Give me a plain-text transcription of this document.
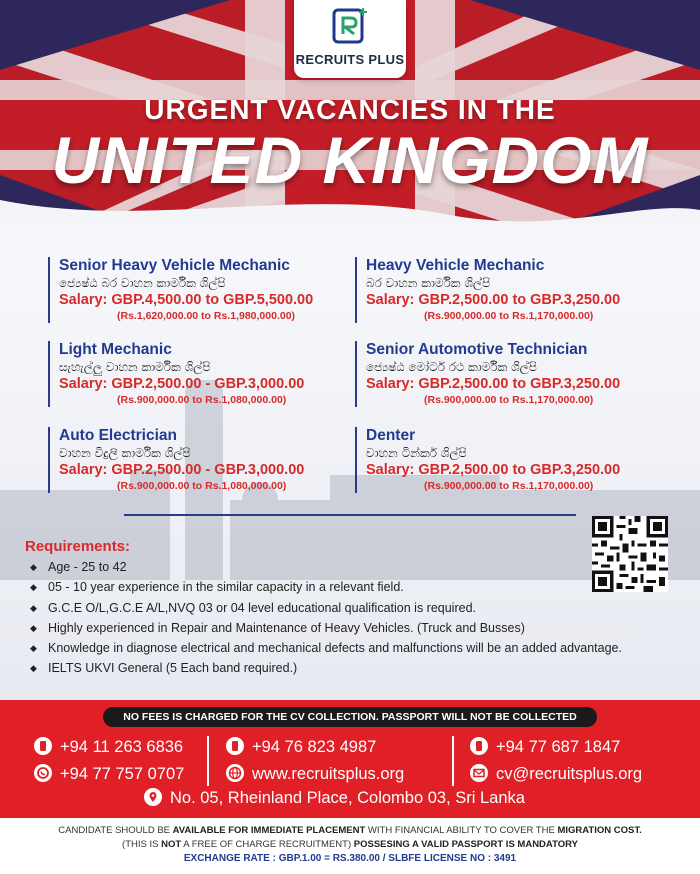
RECRUITS PLUS
URGENT VACANCIES IN THE
UNITED KINGDOM
Senior Heavy Vehicle Mechanic
ජ්‍යෙෂ්ඨ බර වාහන කාර්මික ශිල්පි
Salary: GBP.4,500.00 to GBP.5,500.00
(Rs.1,620,000.00 to Rs.1,980,000.00)
Heavy Vehicle Mechanic
බර වාහන කාර්මික ශිල්පි
Salary: GBP.2,500.00 to GBP.3,250.00
(Rs.900,000.00 to Rs.1,170,000.00)
Light Mechanic
සැහැල්ලු වාහන කාර්මික ශිල්පි
Salary: GBP.2,500.00 - GBP.3,000.00
(Rs.900,000.00 to Rs.1,080,000.00)
Senior Automotive Technician
ජ්‍යෙෂ්ඨ මෝටර් රථ කාර්මික ශිල්පි
Salary: GBP.2,500.00 to GBP.3,250.00
(Rs.900,000.00 to Rs.1,170,000.00)
Auto Electrician
වාහන විදුලි කාර්මික ශිල්පි
Salary: GBP.2,500.00 - GBP.3,000.00
(Rs.900,000.00 to Rs.1,080,000.00)
Denter
වාහන ටින්කර් ශිල්පි
Salary: GBP.2,500.00 to GBP.3,250.00
(Rs.900,000.00 to Rs.1,170,000.00)
Requirements:
◆ Age - 25 to 42
◆ 05 - 10 year experience in the similar capacity in a relevant field.
◆ G.C.E O/L,G.C.E A/L,NVQ 03 or 04 level educational qualification is required.
◆ Highly experienced in Repair and Maintenance of Heavy Vehicles. (Truck and Busses)
◆ Knowledge in diagnose electrical and mechanical defects and malfunctions will be an added advantage.
◆ IELTS UKVI General (5 Each band required.)
NO FEES IS CHARGED FOR THE CV COLLECTION. PASSPORT WILL NOT BE COLLECTED
+94 11 263 6836	+94 76 823 4987	+94 77 687 1847
+94 77 757 0707	www.recruitsplus.org	cv@recruitsplus.org
No. 05, Rheinland Place, Colombo 03, Sri Lanka
CANDIDATE SHOULD BE AVAILABLE FOR IMMEDIATE PLACEMENT WITH FINANCIAL ABILITY TO COVER THE MIGRATION COST.
(THIS IS NOT A FREE OF CHARGE RECRUITMENT) POSSESING A VALID PASSPORT IS MANDATORY
EXCHANGE RATE : GBP.1.00 = RS.380.00 / SLBFE LICENSE NO : 3491
